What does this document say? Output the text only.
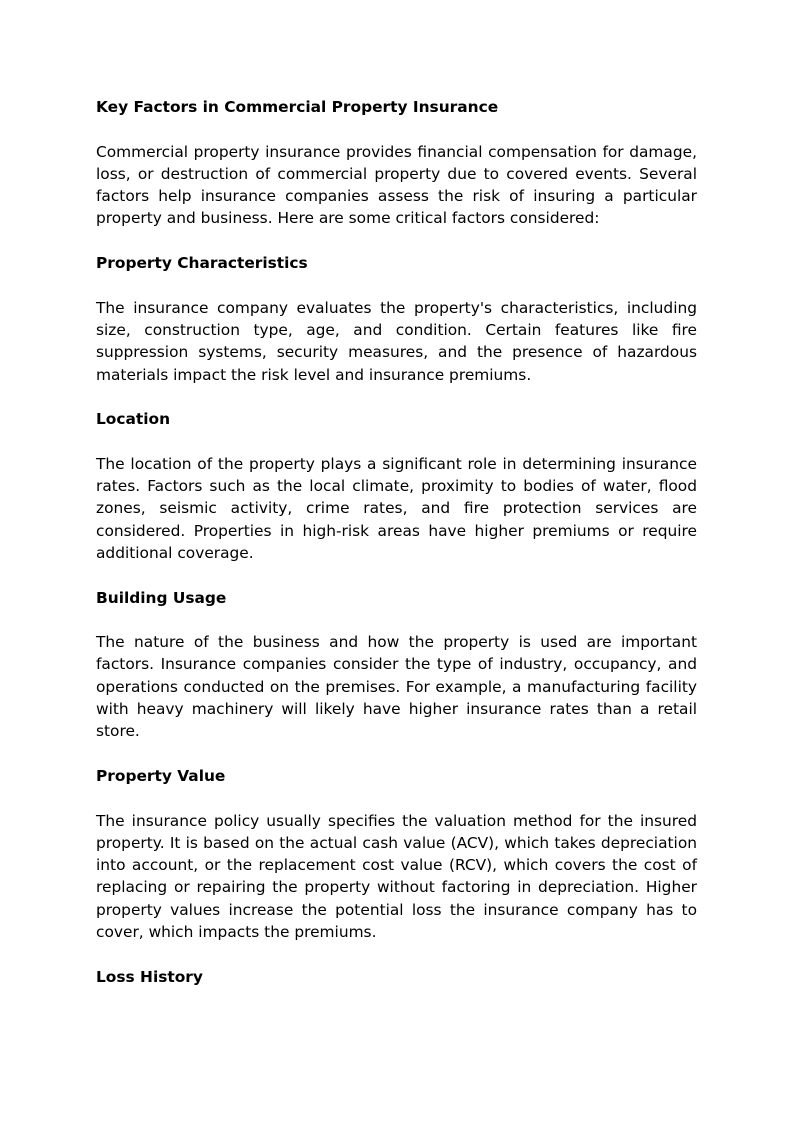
Key Factors in Commercial Property Insurance

Commercial property insurance provides financial compensation for damage, loss, or destruction of commercial property due to covered events. Several factors help insurance companies assess the risk of insuring a particular property and business. Here are some critical factors considered:

Property Characteristics

The insurance company evaluates the property's characteristics, including size, construction type, age, and condition. Certain features like fire suppression systems, security measures, and the presence of hazardous materials impact the risk level and insurance premiums.

Location

The location of the property plays a significant role in determining insurance rates. Factors such as the local climate, proximity to bodies of water, flood zones, seismic activity, crime rates, and fire protection services are considered. Properties in high-risk areas have higher premiums or require additional coverage.

Building Usage

The nature of the business and how the property is used are important factors. Insurance companies consider the type of industry, occupancy, and operations conducted on the premises. For example, a manufacturing facility with heavy machinery will likely have higher insurance rates than a retail store.

Property Value

The insurance policy usually specifies the valuation method for the insured property. It is based on the actual cash value (ACV), which takes depreciation into account, or the replacement cost value (RCV), which covers the cost of replacing or repairing the property without factoring in depreciation. Higher property values increase the potential loss the insurance company has to cover, which impacts the premiums.

Loss History
